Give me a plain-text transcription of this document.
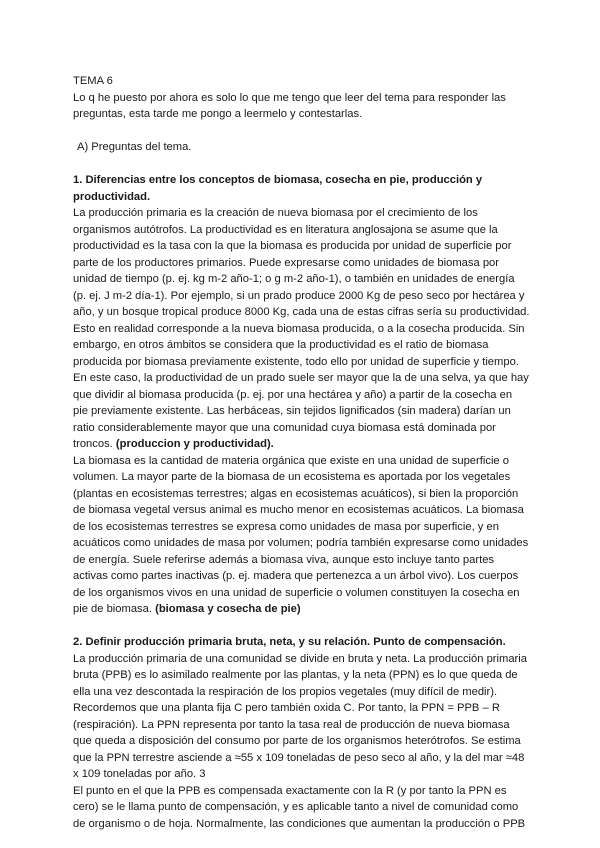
TEMA 6

Lo q he puesto por ahora es solo lo que me tengo que leer del tema para responder las preguntas, esta tarde me pongo a leermelo y contestarlas.

A) Preguntas del tema.

1. Diferencias entre los conceptos de biomasa, cosecha en pie, producción y productividad.

La producción primaria es la creación de nueva biomasa por el crecimiento de los organismos autótrofos. La productividad es en literatura anglosajona se asume que la productividad es la tasa con la que la biomasa es producida por unidad de superficie por parte de los productores primarios. Puede expresarse como unidades de biomasa por unidad de tiempo (p. ej. kg m-2 año-1; o g m-2 año-1), o también en unidades de energía (p. ej. J m-2 día-1). Por ejemplo, si un prado produce 2000 Kg de peso seco por hectárea y año, y un bosque tropical produce 8000 Kg, cada una de estas cifras sería su productividad. Esto en realidad corresponde a la nueva biomasa producida, o a la cosecha producida. Sin embargo, en otros ámbitos se considera que la productividad es el ratio de biomasa producida por biomasa previamente existente, todo ello por unidad de superficie y tiempo. En este caso, la productividad de un prado suele ser mayor que la de una selva, ya que hay que dividir al biomasa producida (p. ej. por una hectárea y año) a partir de la cosecha en pie previamente existente. Las herbáceas, sin tejidos lignificados (sin madera) darían un ratio considerablemente mayor que una comunidad cuya biomasa está dominada por troncos. (produccion y productividad).

La biomasa es la cantidad de materia orgánica que existe en una unidad de superficie o volumen. La mayor parte de la biomasa de un ecosistema es aportada por los vegetales (plantas en ecosistemas terrestres; algas en ecosistemas acuáticos), si bien la proporción de biomasa vegetal versus animal es mucho menor en ecosistemas acuáticos. La biomasa de los ecosistemas terrestres se expresa como unidades de masa por superficie, y en acuáticos como unidades de masa por volumen; podría también expresarse como unidades de energía. Suele referirse además a biomasa viva, aunque esto incluye tanto partes activas como partes inactivas (p. ej. madera que pertenezca a un árbol vivo). Los cuerpos de los organismos vivos en una unidad de superficie o volumen constituyen la cosecha en pie de biomasa. (biomasa y cosecha de pie)

2. Definir producción primaria bruta, neta, y su relación. Punto de compensación.

La producción primaria de una comunidad se divide en bruta y neta. La producción primaria bruta (PPB) es lo asimilado realmente por las plantas, y la neta (PPN) es lo que queda de ella una vez descontada la respiración de los propios vegetales (muy difícil de medir). Recordemos que una planta fija C pero también oxida C. Por tanto, la PPN = PPB – R (respiración). La PPN representa por tanto la tasa real de producción de nueva biomasa que queda a disposición del consumo por parte de los organismos heterótrofos. Se estima que la PPN terrestre asciende a ≈55 x 109 toneladas de peso seco al año, y la del mar ≈48 x 109 toneladas por año. 3

El punto en el que la PPB es compensada exactamente con la R (y por tanto la PPN es cero) se le llama punto de compensación, y es aplicable tanto a nivel de comunidad como de organismo o de hoja. Normalmente, las condiciones que aumentan la producción o PPB
